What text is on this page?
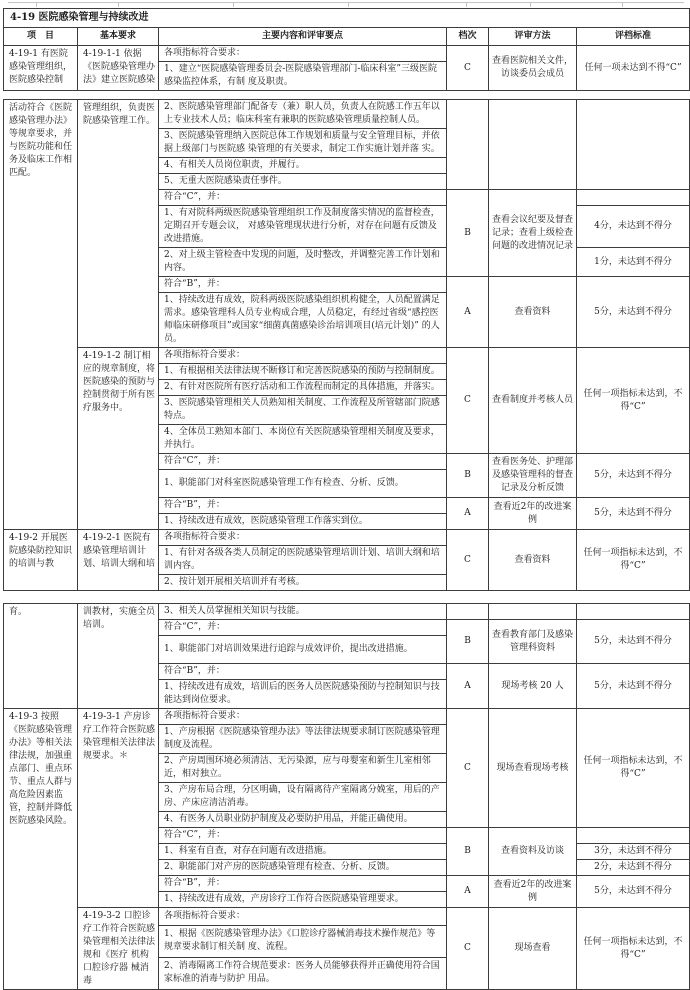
4-19 医院感染管理与持续改进					
项　目	基本要求	主要内容和评审要点	档次	评审方法	评档标准
4-19-1 有医院感染管理组织，医院感染控制	4-19-1-1 依据《医院感染管理办法》建立医院感染	各项指标符合要求：	C	查看医院相关文件，访谈委员会成员	任何一项未达到不得“C”
		1、建立“医院感染管理委员会-医院感染管理部门-临床科室”三级医院感染监控体系，有制 度及职责。			
活动符合《医院感染管理办法》等规章要求，并与医院功能和任务及临床工作相匹配。	管理组织，负责医院感染管理工作。	2、医院感染管理部门配备专（兼）职人员，负责人在院感工作五年以上专业技术人员；临床科室有兼职的医院感染管理质量控制人员。			
		3、医院感染管理纳入医院总体工作规划和质量与安全管理目标，并依据上级部门与医院感 染管理的有关要求，制定工作实施计划并落 实。			
		4、有相关人员岗位职责，并履行。			
		5、无重大医院感染责任事件。			
		符合“C”，并：	B	查看会议纪要及督查记录；查看上级检查问题的改进情况记录	
		1、有对院科两级医院感染管理组织工作及制度落实情况的监督检查，定期召开专题会议， 对感染管理现状进行分析，对存在问题有反馈及改进措施。			4分，未达到不得分
		2、对上级主管检查中发现的问题，及时整改，并调整完善工作计划和内容。			1分，未达到不得分
		符合“B”，并：	A	查看资料	5分，未达到不得分
		1、持续改进有成效，院科两级医院感染组织机构健全，人员配置满足需求。感染管理科人员专业构成合理，人员稳定，有经过省级“感控医师临床研修项目”或国家“细菌真菌感染诊治培训项目(培元计划)” 的人员。			
	4-19-1-2 制订相应的规章制度，将医院感染的预防与控制贯彻于所有医疗服务中。	各项指标符合要求：	C	查看制度并考核人员	任何一项指标未达到，不得“C”
		1、有根据相关法律法规不断修订和完善医院感染的预防与控制制度。			
		2、有针对医院所有医疗活动和工作流程而制定的具体措施，并落实。			
		3、医院感染管理相关人员熟知相关制度、工作流程及所管辖部门院感特点。			
		4、全体员工熟知本部门、本岗位有关医院感染管理相关制度及要求，并执行。			
		符合“C”，并：	B	查看医务处、护理部及感染管理科的督查记录及分析反馈	5分，未达到不得分
		1、职能部门对科室医院感染管理工作有检查、分析、反馈。			
		符合“B”，并：	A	查看近2年的改进案例	5分，未达到不得分
		1、持续改进有成效，医院感染管理工作落实到位。			
4-19-2 开展医院感染防控知识的培训与教	4-19-2-1 医院有感染管理培训计划、培训大纲和培	各项指标符合要求：	C	查看资料	任何一项指标未达到，不得“C”
		1、有针对各级各类人员制定的医院感染管理培训计划、培训大纲和培训内容。			
		2、按计划开展相关培训并有考核。			
育。	训教材，实施全员培训。	3、相关人员掌握相关知识与技能。			
		符合“C”，并：	B	查看教育部门及感染管理科资料	5分，未达到不得分
		1、职能部门对培训效果进行追踪与成效评价，提出改进措施。			
		符合“B”，并：	A	现场考核 20 人	5分，未达到不得分
		1、持续改进有成效，培训后的医务人员医院感染预防与控制知识与技能达到岗位要求。			
4-19-3 按照《医院感染管理办法》等相关法律法规，加强重点部门、重点环节、重点人群与高危险因素监管，控制并降低医院感染风险。	4-19-3-1 产房诊疗工作符合医院感染管理相关法律法规要求。＊	各项指标符合要求：	C	现场查看现场考核	任何一项指标未达到，不得“C”
		1、产房根据《医院感染管理办法》等法律法规要求制订医院感染管理制度及流程。			
		2、产房周围环境必须清洁、无污染源，应与母婴室和新生儿室相邻近，相对独立。			
		3、产房布局合理，分区明确，设有隔离待产室隔离分娩室，用后的产房、产床应清洁消毒。			
		4、有医务人员职业防护制度及必要防护用品，并能正确使用。			
		符合“C”，并：	B	查看资料及访谈	
		1、科室有自查，对存在问题有改进措施。			3分，未达到不得分
		2、职能部门对产房的医院感染管理有检查、分析、反馈。			2分，未达到不得分
		符合“B”，并：	A	查看近2年的改进案例	5分，未达到不得分
		1、持续改进有成效，产房诊疗工作符合医院感染管理要求。			
	4-19-3-2 口腔诊疗工作符合医院感染管理相关法律法规和《医疗 机构口腔诊疗器 械消毒	各项指标符合要求：	C	现场查看	任何一项指标未达到，不得“C”
		1、根据《医院感染管理办法》《口腔诊疗器械消毒技术操作规范》等规章要求制订相关制 度、流程。			
		2、消毒隔离工作符合规范要求：医务人员能够获得并正确使用符合国家标准的消毒与防护 用品。			
